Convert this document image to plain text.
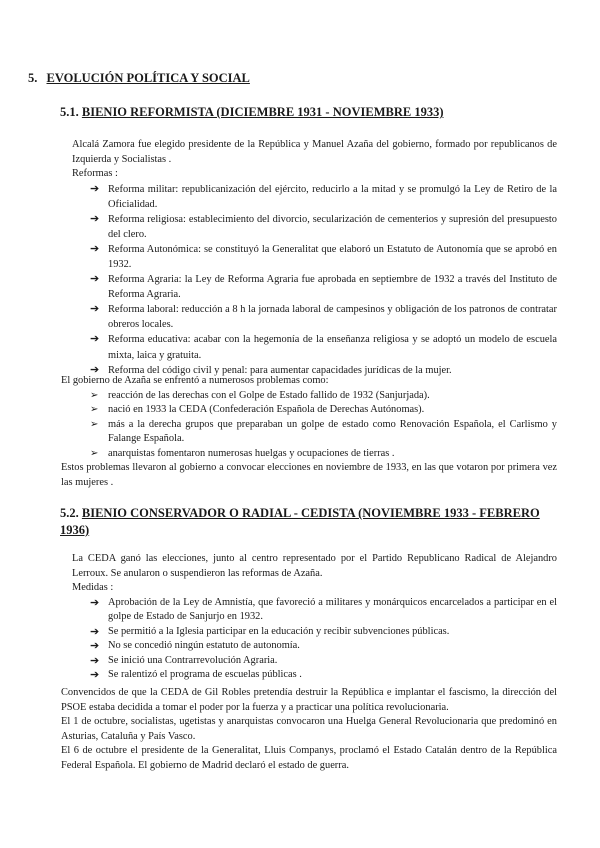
5. EVOLUCIÓN POLÍTICA Y SOCIAL
5.1. BIENIO REFORMISTA (DICIEMBRE 1931 - NOVIEMBRE 1933)

Alcalá Zamora fue elegido presidente de la República y Manuel Azaña del gobierno, formado por republicanos de Izquierda y Socialistas .

Reformas :

➔ Reforma militar: republicanización del ejército, reducirlo a la mitad y se promulgó la Ley de Retiro de la Oficialidad.
➔ Reforma religiosa: establecimiento del divorcio, secularización de cementerios y supresión del presupuesto del clero.
➔ Reforma Autonómica: se constituyó la Generalitat que elaboró un Estatuto de Autonomía que se aprobó en 1932.
➔ Reforma Agraria: la Ley de Reforma Agraria fue aprobada en septiembre de 1932 a través del Instituto de Reforma Agraria.
➔ Reforma laboral: reducción a 8 h la jornada laboral de campesinos y obligación de los patronos de contratar obreros locales.
➔ Reforma educativa: acabar con la hegemonía de la enseñanza religiosa y se adoptó un modelo de escuela mixta, laica y gratuita.
➔ Reforma del código civil y penal: para aumentar capacidades jurídicas de la mujer.

El gobierno de Azaña se enfrentó a numerosos problemas como:

➢ reacción de las derechas con el Golpe de Estado fallido de 1932 (Sanjurjada).
➢ nació en 1933 la CEDA (Confederación Española de Derechas Autónomas).
➢ más a la derecha grupos que preparaban un golpe de estado como Renovación Española, el Carlismo y Falange Española.
➢ anarquistas fomentaron numerosas huelgas y ocupaciones de tierras .

Estos problemas llevaron al gobierno a convocar elecciones en noviembre de 1933, en las que votaron por primera vez las mujeres .

5.2. BIENIO CONSERVADOR O RADIAL - CEDISTA (NOVIEMBRE 1933 - FEBRERO 1936)

La CEDA ganó las elecciones, junto al centro representado por el Partido Republicano Radical de Alejandro Lerroux. Se anularon o suspendieron las reformas de Azaña.

Medidas :

➔ Aprobación de la Ley de Amnistía, que favoreció a militares y monárquicos encarcelados a participar en el golpe de Estado de Sanjurjo en 1932.
➔ Se permitió a la Iglesia participar en la educación y recibir subvenciones públicas.
➔ No se concedió ningún estatuto de autonomía.
➔ Se inició una Contrarrevolución Agraria.
➔ Se ralentizó el programa de escuelas públicas .

Convencidos de que la CEDA de Gil Robles pretendía destruir la República e implantar el fascismo, la dirección del PSOE estaba decidida a tomar el poder por la fuerza y a practicar una política revolucionaria.

El 1 de octubre, socialistas, ugetistas y anarquistas convocaron una Huelga General Revolucionaria que predominó en Asturias, Cataluña y País Vasco.

El 6 de octubre el presidente de la Generalitat, Lluis Companys, proclamó el Estado Catalán dentro de la República Federal Española. El gobierno de Madrid declaró el estado de guerra.
